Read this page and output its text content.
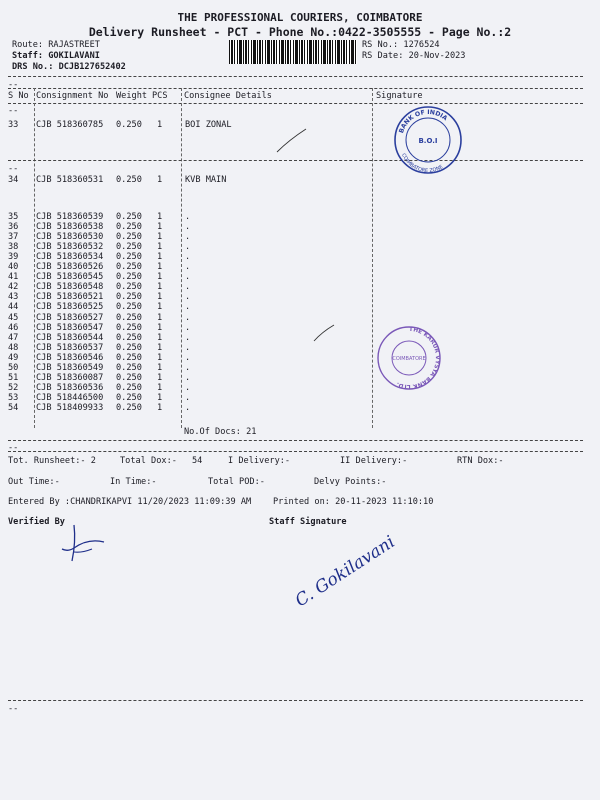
THE PROFESSIONAL COURIERS, COIMBATORE
Delivery Runsheet - PCT - Phone No.:0422-3505555 - Page No.:2
Route: RAJASTREET
Staff: GOKILAVANI
DRS No.: DCJB127652402
RS No.: 1276524
RS Date: 20-Nov-2023
--
S No Consignment No Weight PCS Consignee Details	Signature
--
33 CJB 518360785 0.250 1	BOI ZONAL
--
34 CJB 518360531 0.250 1	KVB MAIN
35 CJB 518360539 0.250 1	.
36 CJB 518360538 0.250 1	.
37 CJB 518360530 0.250 1	.
38 CJB 518360532 0.250 1	.
39 CJB 518360534 0.250 1	.
40 CJB 518360526 0.250 1	.
41 CJB 518360545 0.250 1	.
42 CJB 518360548 0.250 1	.
43 CJB 518360521 0.250 1	.
44 CJB 518360525 0.250 1	.
45 CJB 518360527 0.250 1	.
46 CJB 518360547 0.250 1	.
47 CJB 518360544 0.250 1	.
48 CJB 518360537 0.250 1	.
49 CJB 518360546 0.250 1	.
50 CJB 518360549 0.250 1	.
51 CJB 518360087 0.250 1	.
52 CJB 518360536 0.250 1	.
53 CJB 518446500 0.250 1	.
54 CJB 518409933 0.250 1	.
No.Of Docs: 21
--
Tot. Runsheet:- 2	Total Dox:- 54	I Delivery:-	II Delivery:-	RTN Dox:-
Out Time:-	In Time:-	Total POD:-	Delvy Points:-
Entered By :CHANDRIKAPVI 11/20/2023 11:09:39 AM	Printed on: 20-11-2023 11:10:10
Verified By	Staff Signature
--
BANK OF INDIA
B.O.I
COIMBATORE ZONE
THE KARUR VYSYA BANK LTD.
COIMBATORE
C. Gokilavani
